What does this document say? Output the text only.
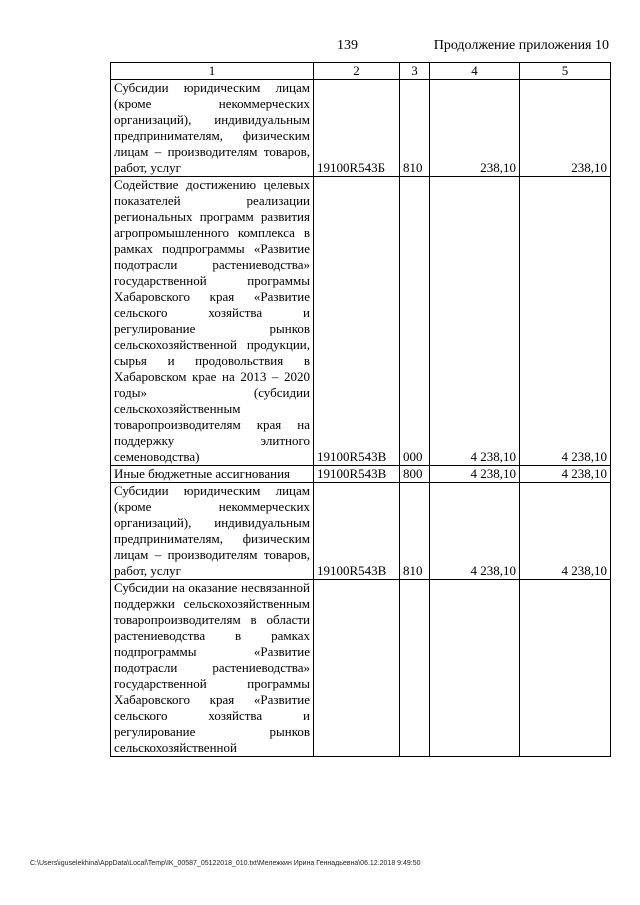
139	Продолжение приложения 10
1	2	3	4	5
Субсидии юридическим лицам (кроме некоммерческих организаций), индивидуальным предпринимателям, физическим лицам – производителям товаров, работ, услуг	19100R543Б	810	238,10	238,10
Содействие достижению целевых показателей реализации региональных программ развития агропромышленного комплекса в рамках подпрограммы «Развитие подотрасли растениеводства» государственной программы Хабаровского края «Развитие сельского хозяйства и регулирование рынков сельскохозяйственной продукции, сырья и продовольствия в Хабаровском крае на 2013 – 2020 годы» (субсидии сельскохозяйственным товаропроизводителям края на поддержку элитного семеноводства)	19100R543В	000	4 238,10	4 238,10
Иные бюджетные ассигнования	19100R543В	800	4 238,10	4 238,10
Субсидии юридическим лицам (кроме некоммерческих организаций), индивидуальным предпринимателям, физическим лицам – производителям товаров, работ, услуг	19100R543В	810	4 238,10	4 238,10
Субсидии на оказание несвязанной поддержки сельскохозяйственным товаропроизводителям в области растениеводства в рамках подпрограммы «Развитие подотрасли растениеводства» государственной программы Хабаровского края «Развитие сельского хозяйства и регулирование рынков сельскохозяйственной				
C:\Users\iguselekhina\AppData\Local\Temp\IK_00587_05122018_010.txt\Мележкин Ирина Геннадьевна\06.12.2018 9:49:50
